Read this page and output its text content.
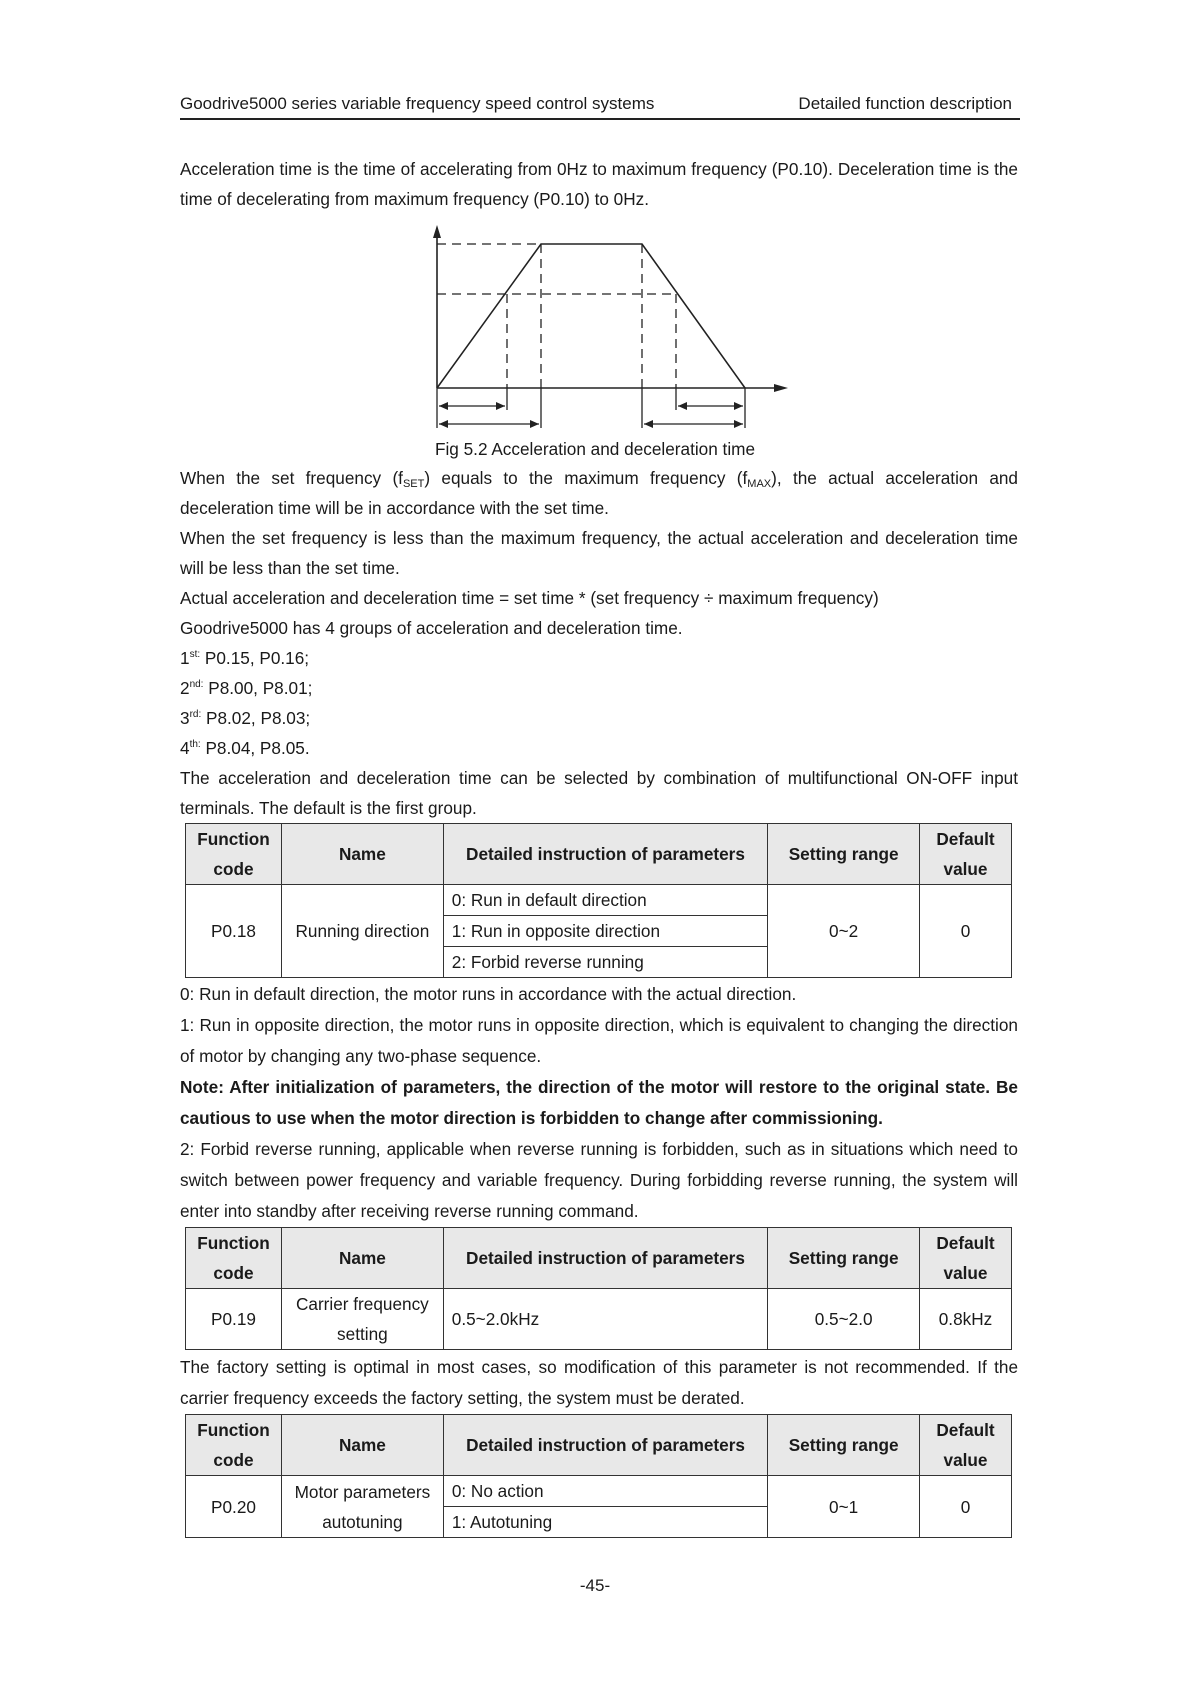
Goodrive5000 series variable frequency speed control systems	Detailed function description

Acceleration time is the time of accelerating from 0Hz to maximum frequency (P0.10). Deceleration time is the time of decelerating from maximum frequency (P0.10) to 0Hz.

Fig 5.2 Acceleration and deceleration time

When the set frequency $(f_{SET})$ equals to the maximum frequency $(f_{MAX})$, the actual acceleration and deceleration time will be in accordance with the set time.

When the set frequency is less than the maximum frequency, the actual acceleration and deceleration time will be less than the set time.

Actual acceleration and deceleration time = set time * (set frequency ÷ maximum frequency)
Goodrive5000 has 4 groups of acceleration and deceleration time.
$1^{st:}$ P0.15, P0.16;
$2^{nd:}$ P8.00, P8.01;
$3^{rd:}$ P8.02, P8.03;
$4^{th:}$ P8.04, P8.05.

The acceleration and deceleration time can be selected by combination of multifunctional ON-OFF input terminals. The default is the first group.

Function code	Name	Detailed instruction of parameters	Setting range	Default value
P0.18	Running direction	0: Run in default direction	0~2	0
		1: Run in opposite direction		
		2: Forbid reverse running		

0: Run in default direction, the motor runs in accordance with the actual direction.

1: Run in opposite direction, the motor runs in opposite direction, which is equivalent to changing the direction of motor by changing any two-phase sequence.

Note: After initialization of parameters, the direction of the motor will restore to the original state. Be cautious to use when the motor direction is forbidden to change after commissioning.

2: Forbid reverse running, applicable when reverse running is forbidden, such as in situations which need to switch between power frequency and variable frequency. During forbidding reverse running, the system will enter into standby after receiving reverse running command.

Function code	Name	Detailed instruction of parameters	Setting range	Default value
P0.19	Carrier frequency setting	0.5~2.0kHz	0.5~2.0	0.8kHz

The factory setting is optimal in most cases, so modification of this parameter is not recommended. If the carrier frequency exceeds the factory setting, the system must be derated.

Function code	Name	Detailed instruction of parameters	Setting range	Default value
P0.20	Motor parameters autotuning	0: No action	0~1	0
		1: Autotuning		
-45-
